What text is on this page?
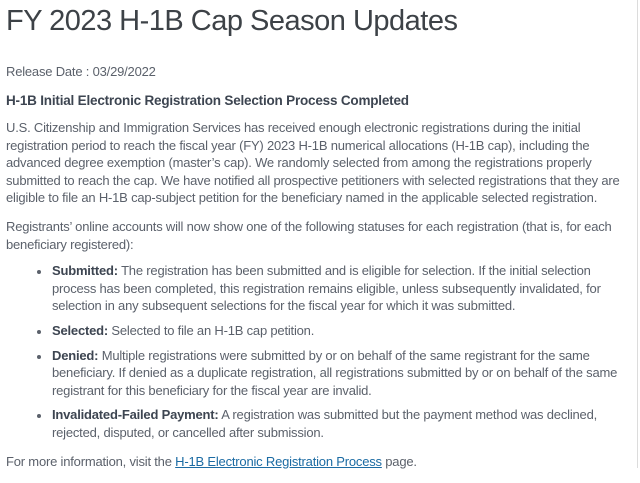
FY 2023 H-1B Cap Season Updates
Release Date : 03/29/2022
H-1B Initial Electronic Registration Selection Process Completed

U.S. Citizenship and Immigration Services has received enough electronic registrations during the initial registration period to reach the fiscal year (FY) 2023 H-1B numerical allocations (H-1B cap), including the advanced degree exemption (master’s cap). We randomly selected from among the registrations properly submitted to reach the cap. We have notified all prospective petitioners with selected registrations that they are eligible to file an H-1B cap-subject petition for the beneficiary named in the applicable selected registration.

Registrants’ online accounts will now show one of the following statuses for each registration (that is, for each beneficiary registered):

• Submitted: The registration has been submitted and is eligible for selection. If the initial selection process has been completed, this registration remains eligible, unless subsequently invalidated, for selection in any subsequent selections for the fiscal year for which it was submitted.
• Selected: Selected to file an H-1B cap petition.
• Denied: Multiple registrations were submitted by or on behalf of the same registrant for the same beneficiary. If denied as a duplicate registration, all registrations submitted by or on behalf of the same registrant for this beneficiary for the fiscal year are invalid.
• Invalidated-Failed Payment: A registration was submitted but the payment method was declined, rejected, disputed, or cancelled after submission.

For more information, visit the H-1B Electronic Registration Process page.
